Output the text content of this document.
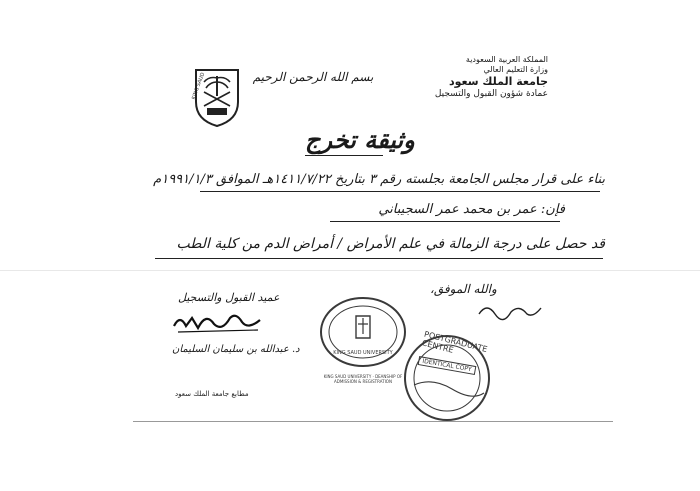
KING SAUD
المملكة العربية السعودية
وزارة التعليم العالي
جامعة الملك سعود
عمادة شؤون القبول والتسجيل
بسم الله الرحمن الرحيم
وثيقة تخرج
بناء على قرار مجلس الجامعة بجلسته رقم ٣ بتاريخ ١٤١١/٧/٢٢هـ الموافق ١٩٩١/١/٣م
فإن: عمر بن محمد عمر السجيباني
قد حصل على درجة الزمالة في علم الأمراض / أمراض الدم من كلية الطب
والله الموفق،
KING SAUD UNIVERSITY
KING SAUD UNIVERSITY · DEANSHIP OF ADMISSION & REGISTRATION
POSTGRADUATE CENTRE
IDENTICAL COPY
عميد القبول والتسجيل
د. عبدالله بن سليمان السليمان
مطابع جامعة الملك سعود
